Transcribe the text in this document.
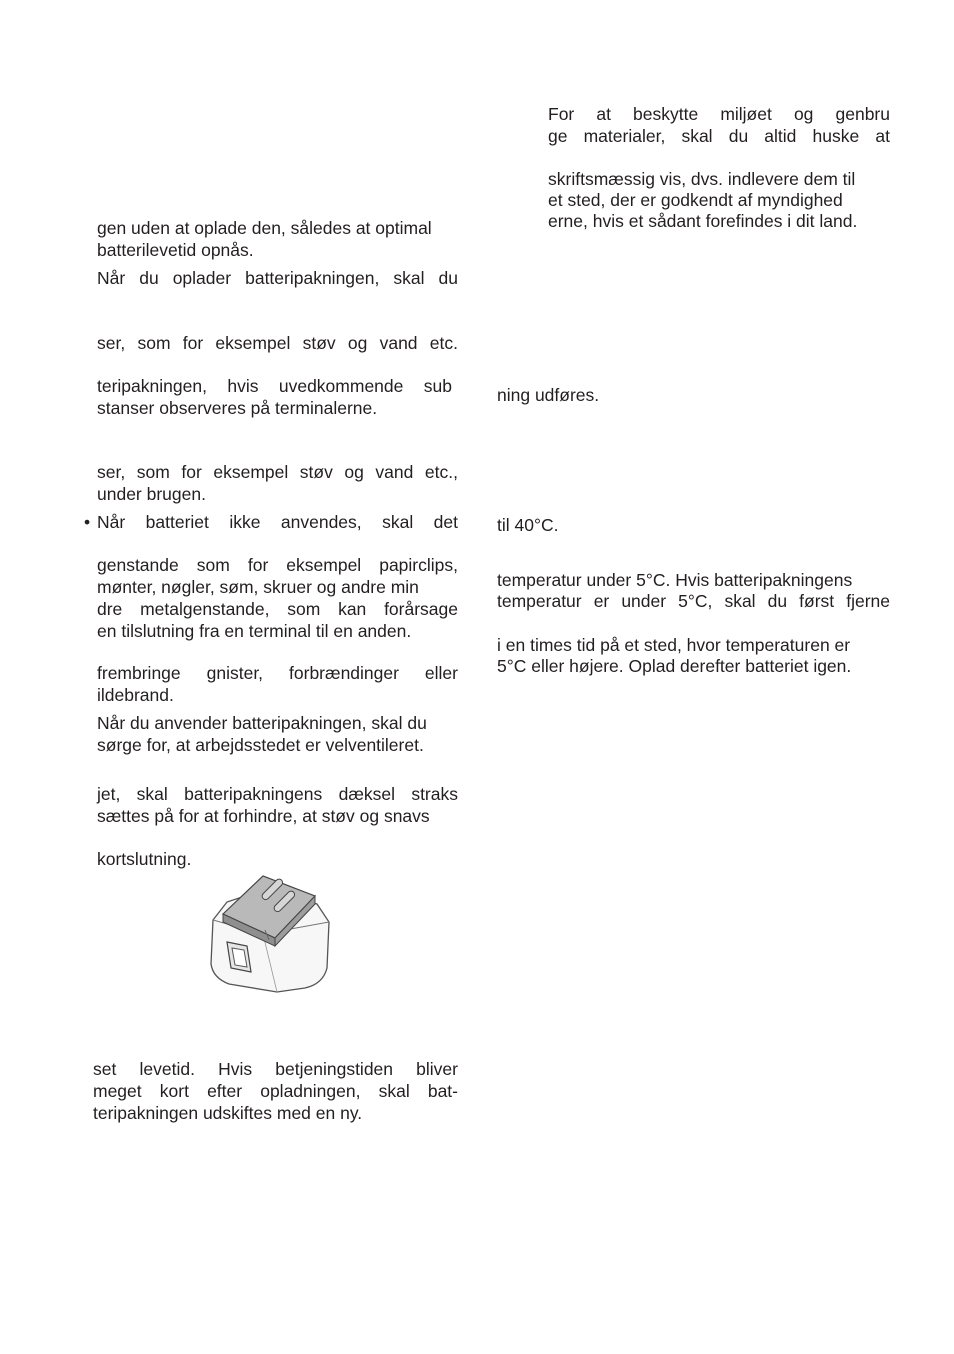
For at beskytte miljøet og genbru
ge materialer, skal du altid huske at
skriftsmæssig vis, dvs. indlevere dem til
et sted, der er godkendt af myndighed
erne, hvis et sådant forefindes i dit land.
ning udføres.
til 40°C.
temperatur under 5°C. Hvis batteripakningens
temperatur er under 5°C, skal du først fjerne
i en times tid på et sted, hvor temperaturen er
5°C eller højere. Oplad derefter batteriet igen.
gen uden at oplade den, således at optimal
batterilevetid opnås.
Når du oplader batteripakningen, skal du
ser, som for eksempel støv og vand etc.
teripakningen, hvis uvedkommende sub
stanser observeres på terminalerne.
ser, som for eksempel støv og vand etc.,
under brugen.
• Når batteriet ikke anvendes, skal det
genstande som for eksempel papirclips,
mønter, nøgler, søm, skruer og andre min
dre metalgenstande, som kan forårsage
en tilslutning fra en terminal til en anden.
frembringe gnister, forbrændinger eller
ildebrand.
Når du anvender batteripakningen, skal du
sørge for, at arbejdsstedet er velventileret.
jet, skal batteripakningens dæksel straks
sættes på for at forhindre, at støv og snavs
kortslutning.
set levetid. Hvis betjeningstiden bliver
meget kort efter opladningen, skal bat-
teripakningen udskiftes med en ny.
